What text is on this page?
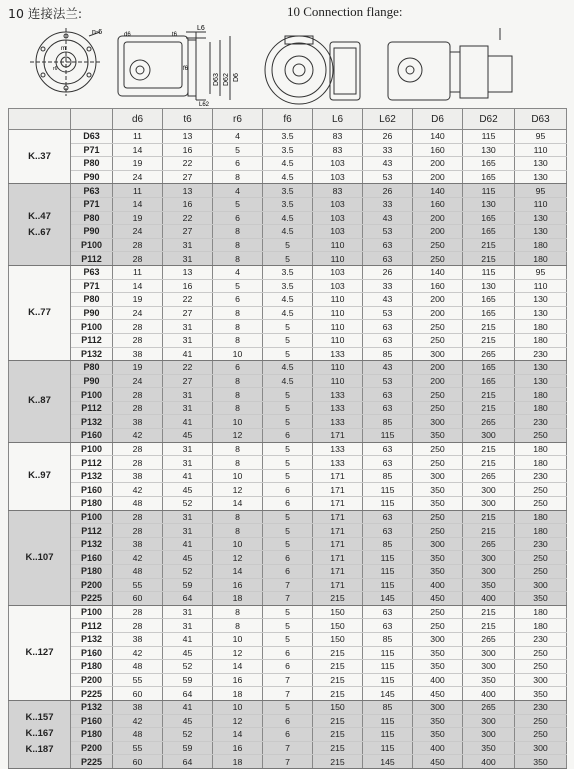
10 连接法兰:	10 Connection flange:
n-6
m
r6
d6	t6
L6
L62
f6
D63 D62 D6
		d6	t6	r6	f6	L6	L62	D6	D62	D63

K..37	D63	11	13	4	3.5	83	26	140	115	95
	P71	14	16	5	3.5	83	33	160	130	110
	P80	19	22	6	4.5	103	43	200	165	130
	P90	24	27	8	4.5	103	53	200	165	130

K..47
K..67	P63	11	13	4	3.5	83	26	140	115	95
	P71	14	16	5	3.5	103	33	160	130	110
	P80	19	22	6	4.5	103	43	200	165	130
	P90	24	27	8	4.5	103	53	200	165	130
	P100	28	31	8	5	110	63	250	215	180
	P112	28	31	8	5	110	63	250	215	180

K..77	P63	11	13	4	3.5	103	26	140	115	95
	P71	14	16	5	3.5	103	33	160	130	110
	P80	19	22	6	4.5	110	43	200	165	130
	P90	24	27	8	4.5	110	53	200	165	130
	P100	28	31	8	5	110	63	250	215	180
	P112	28	31	8	5	110	63	250	215	180
	P132	38	41	10	5	133	85	300	265	230

K..87	P80	19	22	6	4.5	110	43	200	165	130
	P90	24	27	8	4.5	110	53	200	165	130
	P100	28	31	8	5	133	63	250	215	180
	P112	28	31	8	5	133	63	250	215	180
	P132	38	41	10	5	133	85	300	265	230
	P160	42	45	12	6	171	115	350	300	250

K..97	P100	28	31	8	5	133	63	250	215	180
	P112	28	31	8	5	133	63	250	215	180
	P132	38	41	10	5	171	85	300	265	230
	P160	42	45	12	6	171	115	350	300	250
	P180	48	52	14	6	171	115	350	300	250

K..107	P100	28	31	8	5	171	63	250	215	180
	P112	28	31	8	5	171	63	250	215	180
	P132	38	41	10	5	171	85	300	265	230
	P160	42	45	12	6	171	115	350	300	250
	P180	48	52	14	6	171	115	350	300	250
	P200	55	59	16	7	171	115	400	350	300
	P225	60	64	18	7	215	145	450	400	350

K..127	P100	28	31	8	5	150	63	250	215	180
	P112	28	31	8	5	150	63	250	215	180
	P132	38	41	10	5	150	85	300	265	230
	P160	42	45	12	6	215	115	350	300	250
	P180	48	52	14	6	215	115	350	300	250
	P200	55	59	16	7	215	115	400	350	300
	P225	60	64	18	7	215	145	450	400	350

K..157
K..167
K..187	P132	38	41	10	5	150	85	300	265	230
	P160	42	45	12	6	215	115	350	300	250
	P180	48	52	14	6	215	115	350	300	250
	P200	55	59	16	7	215	115	400	350	300
	P225	60	64	18	7	215	145	450	400	350
